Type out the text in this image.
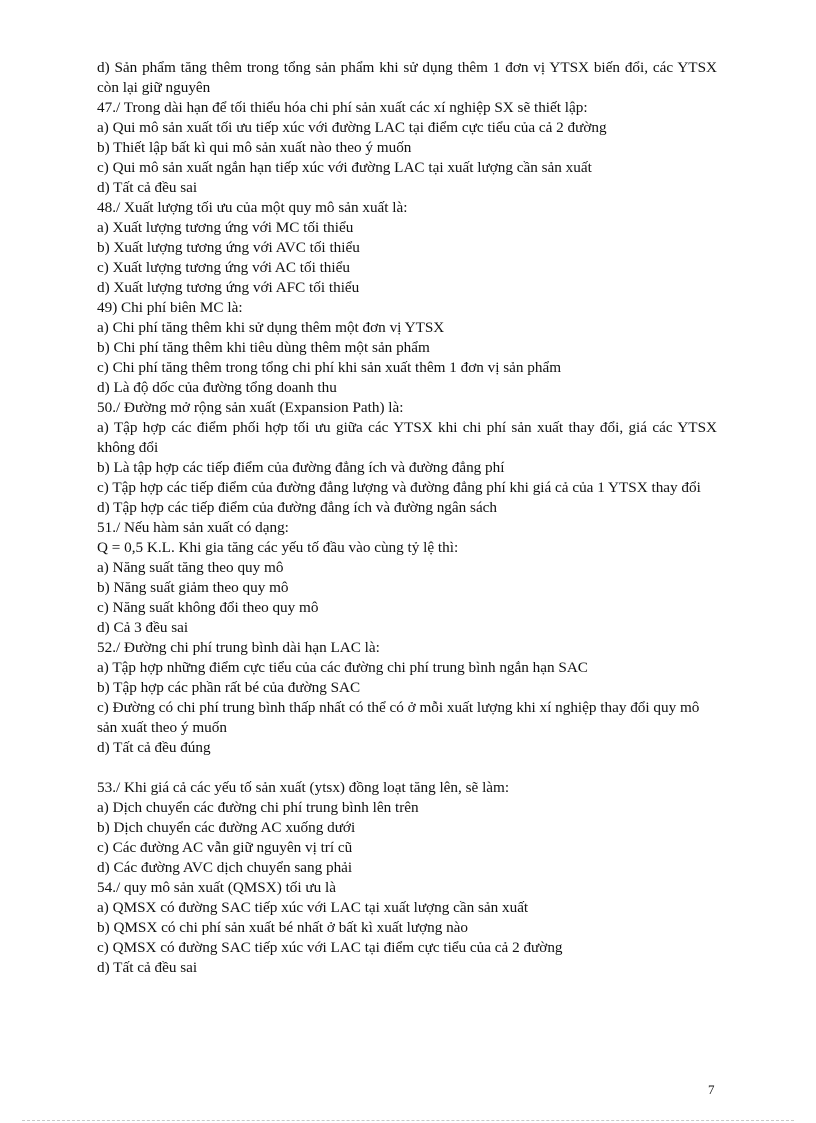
d) Sản phẩm tăng thêm trong tổng sản phẩm khi sử dụng thêm 1 đơn vị YTSX biến đổi, các YTSX còn lại giữ nguyên
47./ Trong dài hạn để tối thiểu hóa chi phí sản xuất các xí nghiệp SX sẽ thiết lập:
a) Qui mô sản xuất tối ưu tiếp xúc với đường LAC tại điểm cực tiểu của cả 2 đường
b) Thiết lập bất kì qui mô sản xuất nào theo ý muốn
c) Qui mô sản xuất ngắn hạn tiếp xúc với đường LAC tại xuất lượng cần sản xuất
d) Tất cả đều sai
48./ Xuất lượng tối ưu của một quy mô sản xuất là:
a) Xuất lượng tương ứng với MC tối thiểu
b) Xuất lượng tương ứng với AVC tối thiểu
c) Xuất lượng tương ứng với AC tối thiểu
d) Xuất lượng tương ứng với AFC tối thiểu
49) Chi phí biên MC là:
a) Chi phí tăng thêm khi sử dụng thêm một đơn vị YTSX
b) Chi phí tăng thêm khi tiêu dùng thêm một sản phẩm
c) Chi phí tăng thêm trong tổng chi phí khi sản xuất thêm 1 đơn vị sản phẩm
d) Là độ dốc của đường tổng doanh thu
50./ Đường mở rộng sản xuất (Expansion Path) là:
a) Tập hợp các điểm phối hợp tối ưu giữa các YTSX khi chi phí sản xuất thay đổi, giá các YTSX không đổi
b) Là tập hợp các tiếp điểm của đường đẳng ích và đường đẳng phí
c) Tập hợp các tiếp điểm của đường đẳng lượng và đường đẳng phí khi giá cả của 1 YTSX thay đổi
d) Tập hợp các tiếp điểm của đường đẳng ích và đường ngân sách
51./ Nếu hàm sản xuất có dạng:
Q = 0,5 K.L. Khi gia tăng các yếu tố đầu vào cùng tỷ lệ thì:
a) Năng suất tăng theo quy mô
b) Năng suất giảm theo quy mô
c) Năng suất không đổi theo quy mô
d) Cả 3 đều sai
52./ Đường chi phí trung bình dài hạn LAC là:
a) Tập hợp những điểm cực tiểu của các đường chi phí trung bình ngắn hạn SAC
b) Tập hợp các phần rất bé của đường SAC
c) Đường có chi phí trung bình thấp nhất có thể có ở mỗi xuất lượng khi xí nghiệp thay đổi quy mô sản xuất theo ý muốn
d) Tất cả đều đúng
53./ Khi giá cả các yếu tố sản xuất (ytsx) đồng loạt tăng lên, sẽ làm:
a) Dịch chuyển các đường chi phí trung bình lên trên
b) Dịch chuyển các đường AC xuống dưới
c) Các đường AC vẫn giữ nguyên vị trí cũ
d) Các đường AVC dịch chuyển sang phải
54./ quy mô sản xuất (QMSX) tối ưu là
a) QMSX có đường SAC tiếp xúc với LAC tại xuất lượng cần sản xuất
b) QMSX có chi phí sản xuất bé nhất ở bất kì xuất lượng nào
c) QMSX có đường SAC tiếp xúc với LAC tại điểm cực tiểu của cả 2 đường
d) Tất cả đều sai
7
